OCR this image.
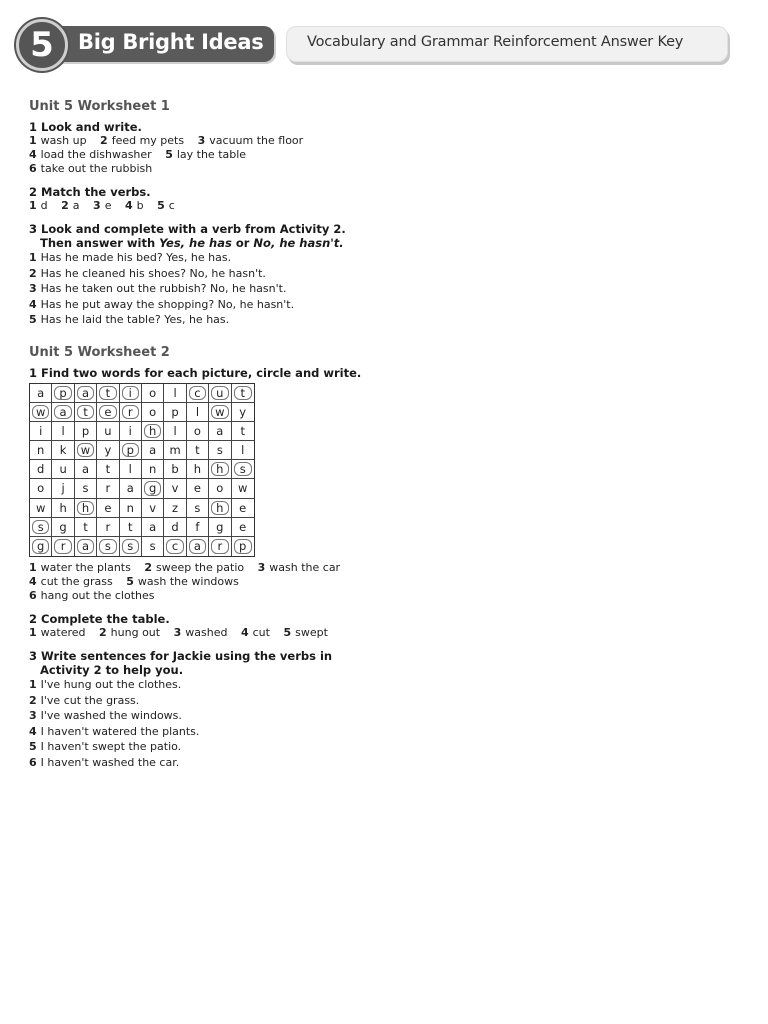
5	Big Bright Ideas	Vocabulary and Grammar Reinforcement Answer Key
Unit 5 Worksheet 1

1 Look and write.

1 wash up 2 feed my pets 3 vacuum the floor

4 load the dishwasher 5 lay the table

6 take out the rubbish

2 Match the verbs.

1 d 2 a 3 e 4 b 5 c

3 Look and complete with a verb from Activity 2.
Then answer with Yes, he has or No, he hasn't.

1 Has he made his bed? Yes, he has.

2 Has he cleaned his shoes? No, he hasn't.

3 Has he taken out the rubbish? No, he hasn't.

4 Has he put away the shopping? No, he hasn't.

5 Has he laid the table? Yes, he has.

Unit 5 Worksheet 2

1 Find two words for each picture, circle and write.

a	p	a	t	i	o	l	c	u	t
w	a	t	e	r	o	p	l	w	y
i	l	p	u	i	h	l	o	a	t
n	k	w	y	p	a	m	t	s	l
d	u	a	t	l	n	b	h	h	s
o	j	s	r	a	g	v	e	o	w
w	h	h	e	n	v	z	s	h	e
s	g	t	r	t	a	d	f	g	e
g	r	a	s	s	s	c	a	r	p

1 water the plants 2 sweep the patio 3 wash the car

4 cut the grass 5 wash the windows

6 hang out the clothes

2 Complete the table.

1 watered 2 hung out 3 washed 4 cut 5 swept

3 Write sentences for Jackie using the verbs in
Activity 2 to help you.

1 I've hung out the clothes.

2 I've cut the grass.

3 I've washed the windows.

4 I haven't watered the plants.

5 I haven't swept the patio.

6 I haven't washed the car.
